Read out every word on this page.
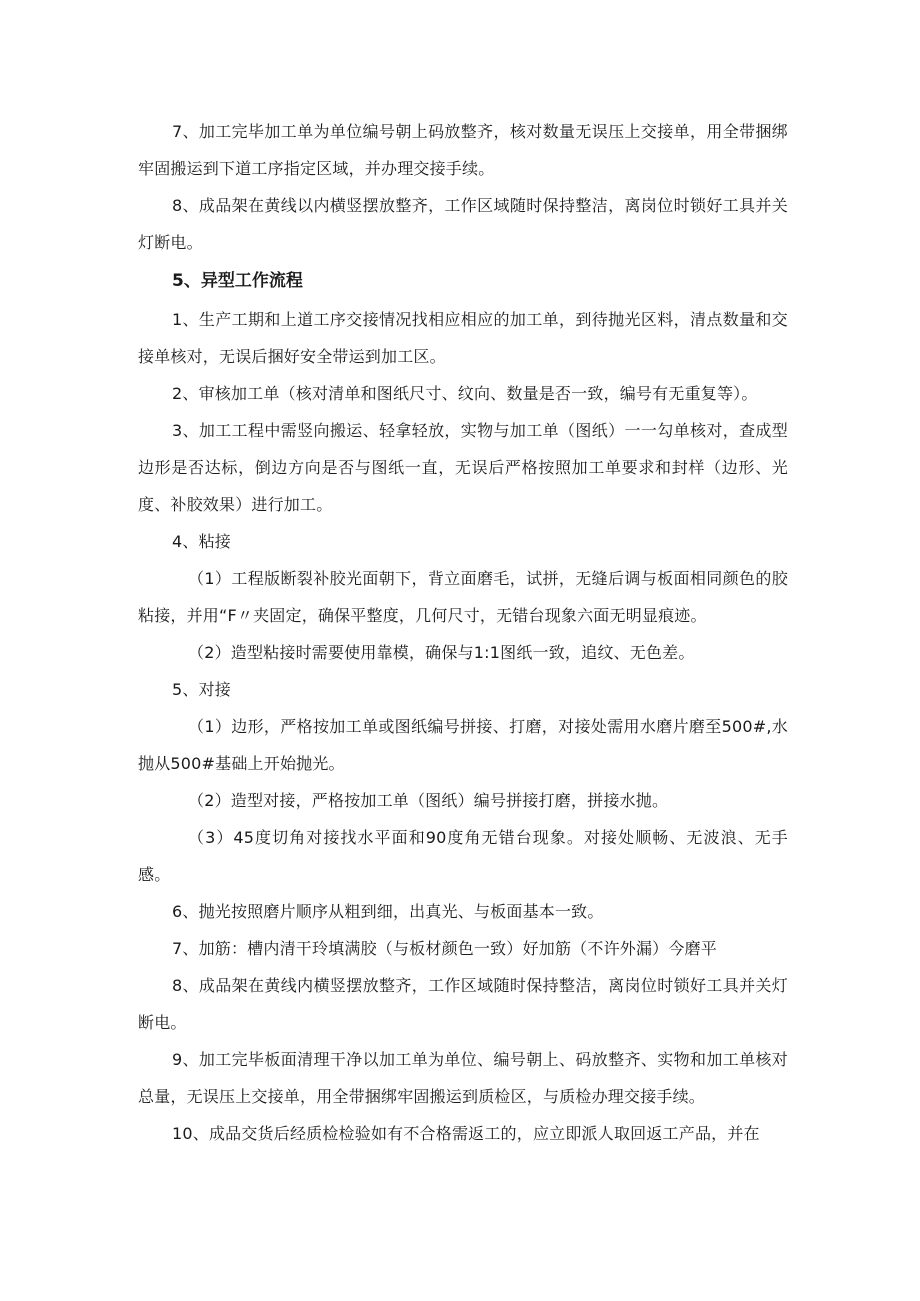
7、加工完毕加工单为单位编号朝上码放整齐，核对数量无误压上交接单，用全带捆绑牢固搬运到下道工序指定区域，并办理交接手续。

8、成品架在黄线以内横竖摆放整齐，工作区域随时保持整洁，离岗位时锁好工具并关灯断电。

5、异型工作流程

1、生产工期和上道工序交接情况找相应相应的加工单，到待抛光区料，清点数量和交接单核对，无误后捆好安全带运到加工区。

2、审核加工单（核对清单和图纸尺寸、纹向、数量是否一致，编号有无重复等）。

3、加工工程中需竖向搬运、轻拿轻放，实物与加工单（图纸）一一勾单核对，查成型边形是否达标，倒边方向是否与图纸一直，无误后严格按照加工单要求和封样（边形、光度、补胶效果）进行加工。

4、粘接

（1）工程版断裂补胶光面朝下，背立面磨毛，试拼，无缝后调与板面相同颜色的胶粘接，并用“F〃夹固定，确保平整度，几何尺寸，无错台现象六面无明显痕迹。

（2）造型粘接时需要使用靠模，确保与1:1图纸一致，追纹、无色差。

5、对接

（1）边形，严格按加工单或图纸编号拼接、打磨，对接处需用水磨片磨至500#,水抛从500#基础上开始抛光。

（2）造型对接，严格按加工单（图纸）编号拼接打磨，拼接水抛。

（3）45度切角对接找水平面和90度角无错台现象。对接处顺畅、无波浪、无手感。

6、抛光按照磨片顺序从粗到细，出真光、与板面基本一致。

7、加筋：槽内清干玲填满胶（与板材颜色一致）好加筋（不许外漏）今磨平

8、成品架在黄线内横竖摆放整齐，工作区域随时保持整洁，离岗位时锁好工具并关灯断电。

9、加工完毕板面清理干净以加工单为单位、编号朝上、码放整齐、实物和加工单核对总量，无误压上交接单，用全带捆绑牢固搬运到质检区，与质检办理交接手续。

10、成品交货后经质检检验如有不合格需返工的，应立即派人取回返工产品，并在
